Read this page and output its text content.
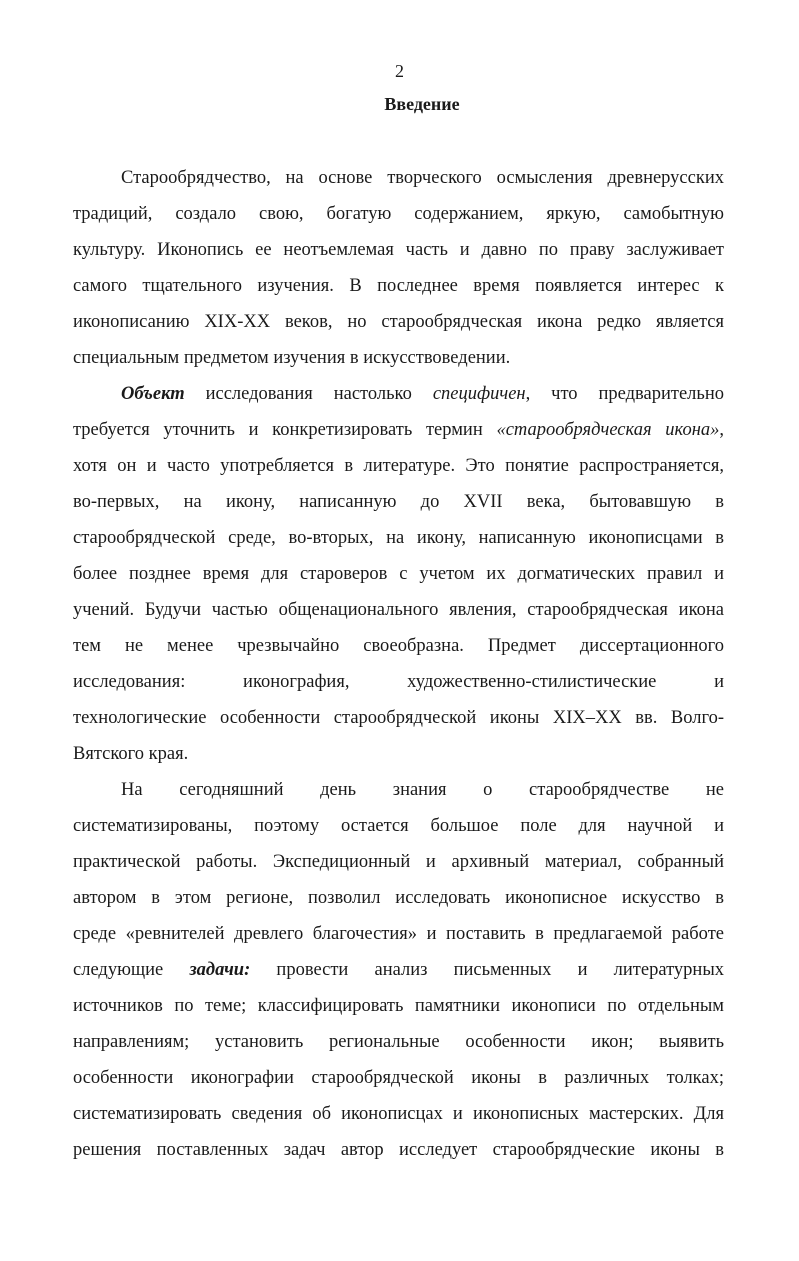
2
Введение
Старообрядчество, на основе творческого осмысления древнерусских
традиций, создало свою, богатую содержанием, яркую, самобытную
культуру. Иконопись ее неотъемлемая часть и давно по праву заслуживает
самого тщательного изучения. В последнее время появляется интерес к
иконописанию XIX-XX веков, но старообрядческая икона редко является
специальным предметом изучения в искусствоведении.
Объект исследования настолько специфичен, что предварительно
требуется уточнить и конкретизировать термин «старообрядческая икона»,
хотя он и часто употребляется в литературе. Это понятие распространяется,
во-первых, на икону, написанную до XVII века, бытовавшую в
старообрядческой среде, во-вторых, на икону, написанную иконописцами в
более позднее время для староверов с учетом их догматических правил и
учений. Будучи частью общенационального явления, старообрядческая икона
тем не менее чрезвычайно своеобразна. Предмет диссертационного
исследования: иконография, художественно-стилистические и
технологические особенности старообрядческой иконы XIX–XX вв. Волго-
Вятского края.
На сегодняшний день знания о старообрядчестве не
систематизированы, поэтому остается большое поле для научной и
практической работы. Экспедиционный и архивный материал, собранный
автором в этом регионе, позволил исследовать иконописное искусство в
среде «ревнителей древлего благочестия» и поставить в предлагаемой работе
следующие задачи: провести анализ письменных и литературных
источников по теме; классифицировать памятники иконописи по отдельным
направлениям; установить региональные особенности икон; выявить
особенности иконографии старообрядческой иконы в различных толках;
систематизировать сведения об иконописцах и иконописных мастерских. Для
решения поставленных задач автор исследует старообрядческие иконы в
